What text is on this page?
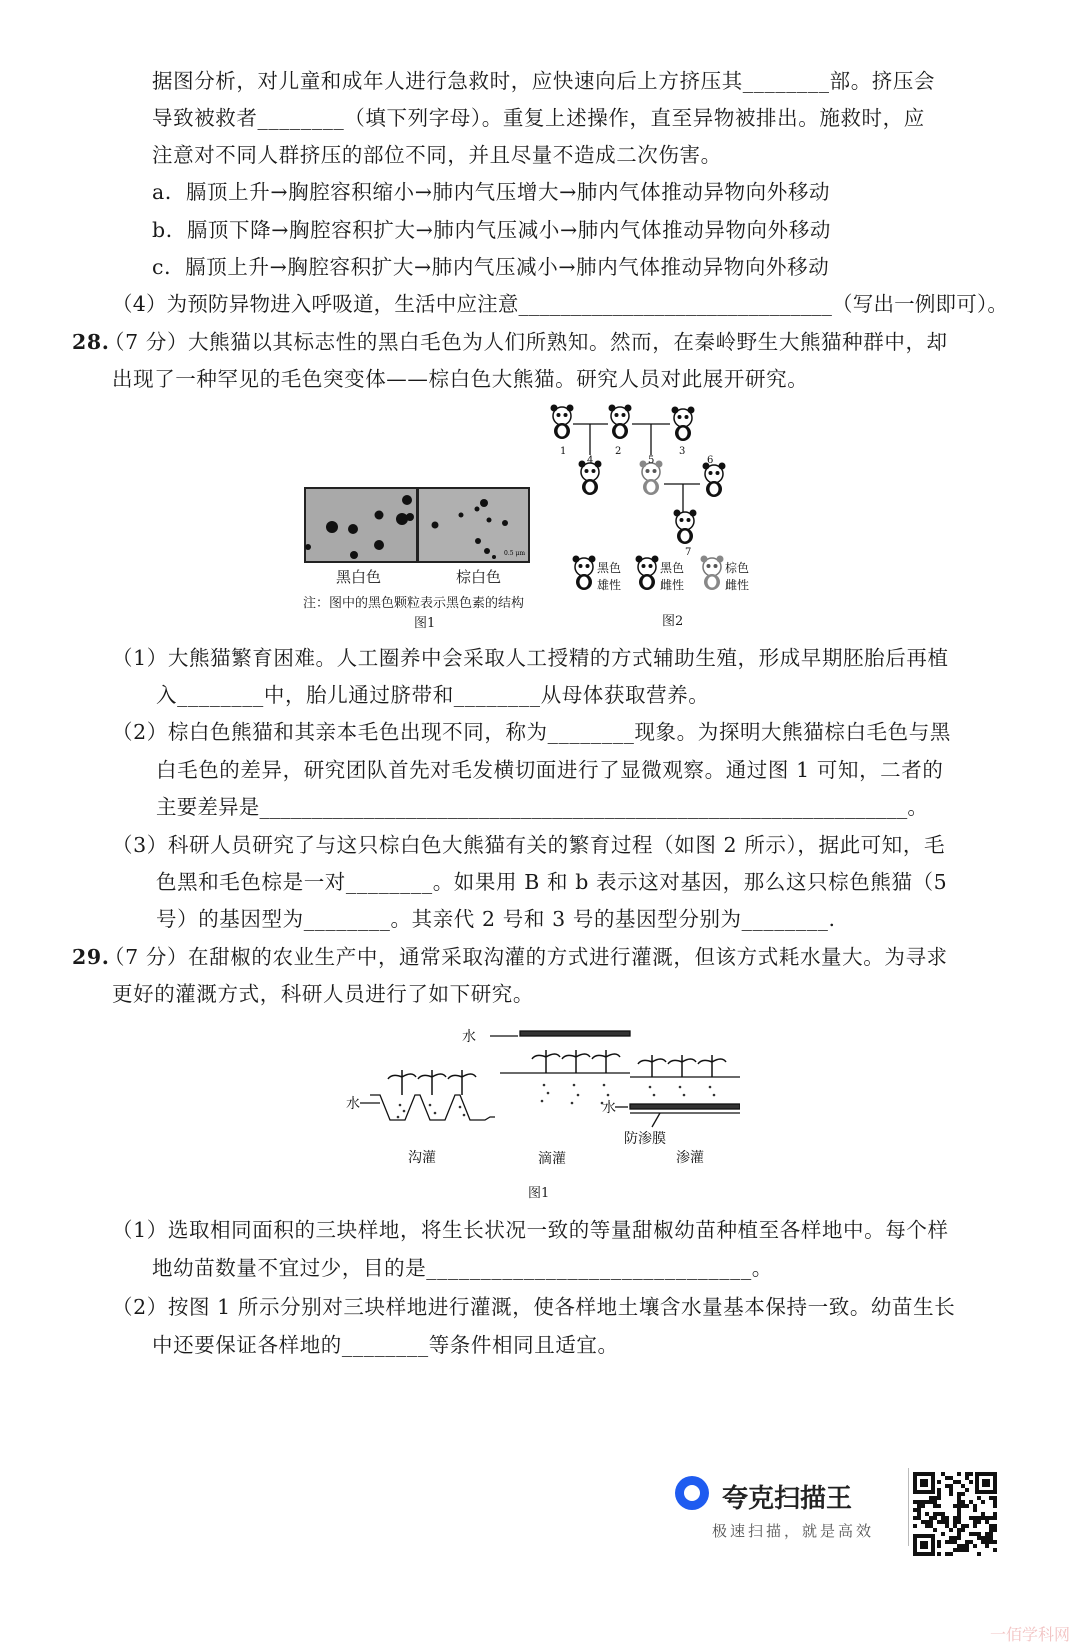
据图分析，对儿童和成年人进行急救时，应快速向后上方挤压其________部。挤压会
导致被救者________（填下列字母）。重复上述操作，直至异物被排出。施救时，应
注意对不同人群挤压的部位不同，并且尽量不造成二次伤害。
a．膈顶上升→胸腔容积缩小→肺内气压增大→肺内气体推动异物向外移动
b．膈顶下降→胸腔容积扩大→肺内气压减小→肺内气体推动异物向外移动
c．膈顶上升→胸腔容积扩大→肺内气压减小→肺内气体推动异物向外移动
（4）为预防异物进入呼吸道，生活中应注意______________________________（写出一例即可）。
28.
（7 分）大熊猫以其标志性的黑白毛色为人们所熟知。然而，在秦岭野生大熊猫种群中，却
出现了一种罕见的毛色突变体——棕白色大熊猫。研究人员对此展开研究。
0.5 μm
黑白色	棕白色
注：图中的黑色颗粒表示黑色素的结构
图1
1	2	3
4	5	6
7
黑色
雄性
黑色
雌性
棕色
雌性
图2
（1）大熊猫繁育困难。人工圈养中会采取人工授精的方式辅助生殖，形成早期胚胎后再植
入________中，胎儿通过脐带和________从母体获取营养。
（2）棕白色熊猫和其亲本毛色出现不同，称为________现象。为探明大熊猫棕白毛色与黑
白毛色的差异，研究团队首先对毛发横切面进行了显微观察。通过图 1 可知，二者的
主要差异是______________________________________________________________。
（3）科研人员研究了与这只棕白色大熊猫有关的繁育过程（如图 2 所示），据此可知，毛
色黑和毛色棕是一对________。如果用 B 和 b 表示这对基因，那么这只棕色熊猫（5
号）的基因型为________。其亲代 2 号和 3 号的基因型分别为________.
29.
（7 分）在甜椒的农业生产中，通常采取沟灌的方式进行灌溉，但该方式耗水量大。为寻求
更好的灌溉方式，科研人员进行了如下研究。
水
水
水
防渗膜
沟灌	滴灌	渗灌
图1
（1）选取相同面积的三块样地，将生长状况一致的等量甜椒幼苗种植至各样地中。每个样
地幼苗数量不宜过少，目的是______________________________。
（2）按图 1 所示分别对三块样地进行灌溉，使各样地土壤含水量基本保持一致。幼苗生长
中还要保证各样地的________等条件相同且适宜。
夸克扫描王
极速扫描，就是高效
一佰学科网
